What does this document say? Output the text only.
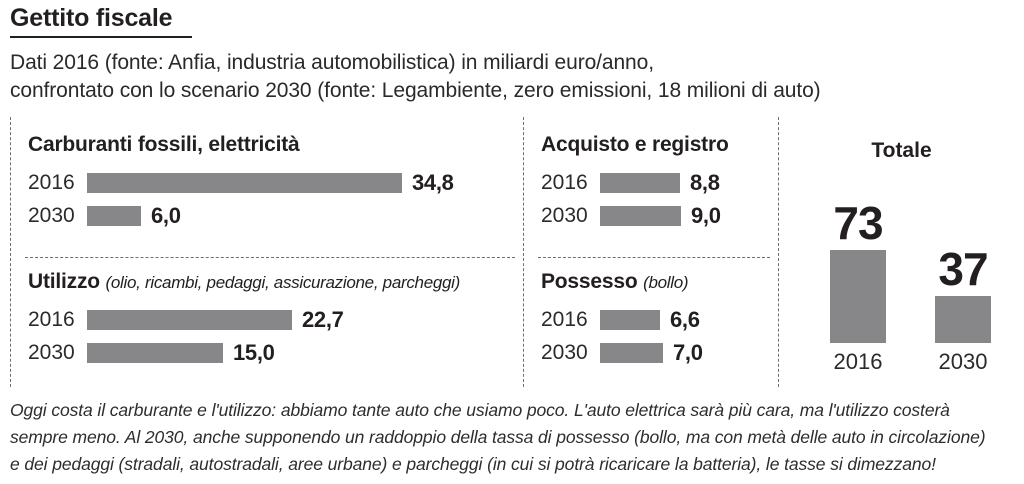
Gettito fiscale
Dati 2016 (fonte: Anfia, industria automobilistica) in miliardi euro/anno,
confrontato con lo scenario 2030 (fonte: Legambiente, zero emissioni, 18 milioni di auto)
Carburanti fossili, elettricità
2016	34,8
2030	6,0
Utilizzo (olio, ricambi, pedaggi, assicurazione, parcheggi)
2016	22,7
2030	15,0
Acquisto e registro
2016	8,8
2030	9,0
Possesso (bollo)
2016	6,6
2030	7,0
Totale
73
2016
37
2030
Oggi costa il carburante e l'utilizzo: abbiamo tante auto che usiamo poco. L'auto elettrica sarà più cara, ma l'utilizzo costerà
sempre meno. Al 2030, anche supponendo un raddoppio della tassa di possesso (bollo, ma con metà delle auto in circolazione)
e dei pedaggi (stradali, autostradali, aree urbane) e parcheggi (in cui si potrà ricaricare la batteria), le tasse si dimezzano!
